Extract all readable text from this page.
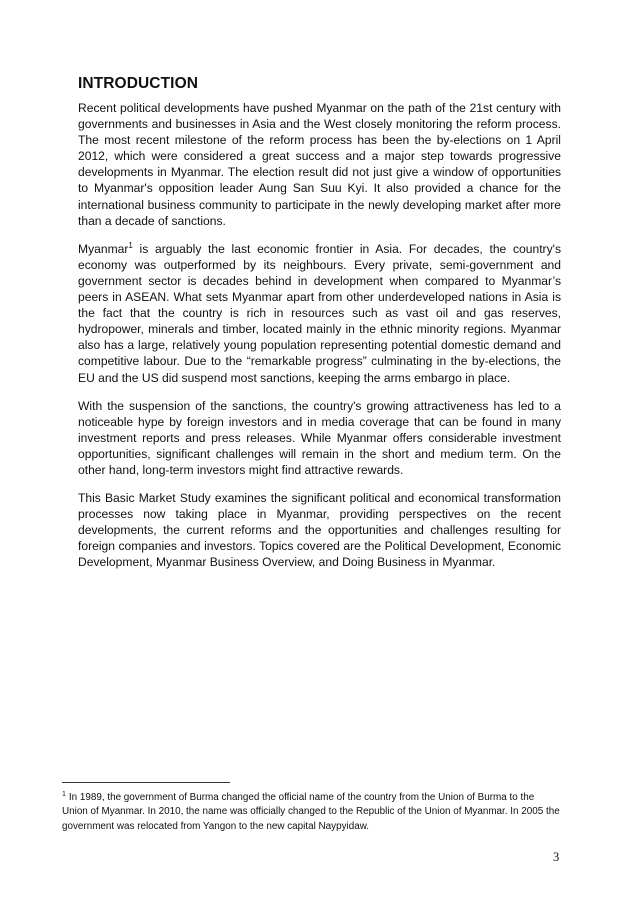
INTRODUCTION

Recent political developments have pushed Myanmar on the path of the 21st century with governments and businesses in Asia and the West closely monitoring the reform process. The most recent milestone of the reform process has been the by-elections on 1 April 2012, which were considered a great success and a major step towards progressive developments in Myanmar. The election result did not just give a window of opportunities to Myanmar's opposition leader Aung San Suu Kyi. It also provided a chance for the international business community to participate in the newly developing market after more than a decade of sanctions.

Myanmar$^1$ is arguably the last economic frontier in Asia. For decades, the country's economy was outperformed by its neighbours. Every private, semi-government and government sector is decades behind in development when compared to Myanmar’s peers in ASEAN. What sets Myanmar apart from other underdeveloped nations in Asia is the fact that the country is rich in resources such as vast oil and gas reserves, hydropower, minerals and timber, located mainly in the ethnic minority regions. Myanmar also has a large, relatively young population representing potential domestic demand and competitive labour. Due to the “remarkable progress” culminating in the by-elections, the EU and the US did suspend most sanctions, keeping the arms embargo in place.

With the suspension of the sanctions, the country's growing attractiveness has led to a noticeable hype by foreign investors and in media coverage that can be found in many investment reports and press releases. While Myanmar offers considerable investment opportunities, significant challenges will remain in the short and medium term. On the other hand, long-term investors might find attractive rewards.

This Basic Market Study examines the significant political and economical transformation processes now taking place in Myanmar, providing perspectives on the recent developments, the current reforms and the opportunities and challenges resulting for foreign companies and investors. Topics covered are the Political Development, Economic Development, Myanmar Business Overview, and Doing Business in Myanmar.

$^1$ In 1989, the government of Burma changed the official name of the country from the Union of Burma to the Union of Myanmar. In 2010, the name was officially changed to the Republic of the Union of Myanmar. In 2005 the government was relocated from Yangon to the new capital Naypyidaw.
3
